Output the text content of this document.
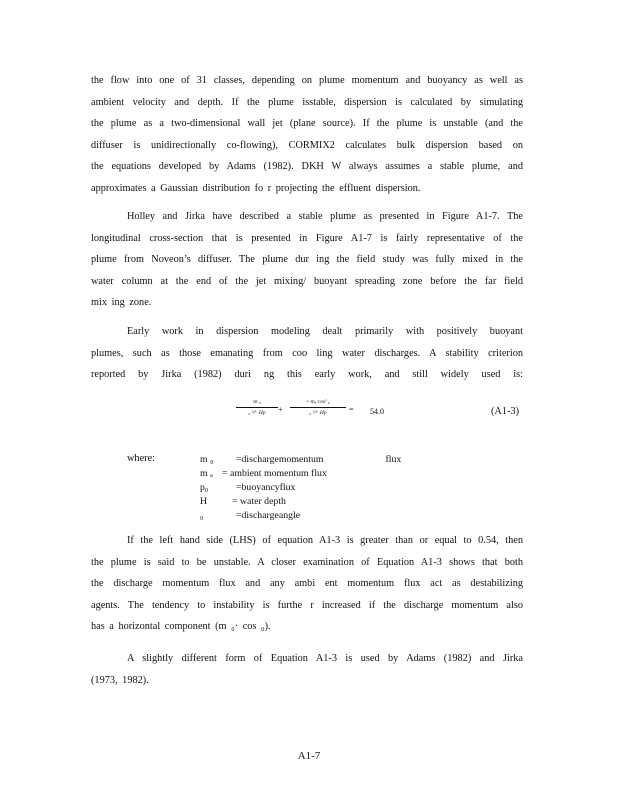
the flow into one of 31 classes, depending on plume momentum and buoyancy as well as
ambient velocity and depth. If the plume isstable, dispersion is calculated by simulating
the plume as a two-dimensional wall jet (plane source). If the plume is unstable (and the
diffuser is unidirectionally co-flowing), CORMIX2 calculates bulk dispersion based on
the equations developed by Adams (1982). DKH W always assumes a stable plume, and
approximates a Gaussian distribution fo r projecting the effluent dispersion.
Holley and Jirka have described a stable plume as presented in Figure A1-7. The
longitudinal cross-section that is presented in Figure A1-7 is fairly representative of the
plume from Noveon’s diffuser. The plume dur ing the field study was fully mixed in the
water column at the end of the jet mixing/ buoyant spreading zone before the far field
mix ing zone.
Early work in dispersion modeling dealt primarily with positively buoyant
plumes, such as those emanating from coo ling water discharges. A stability criterion
reported by Jirka (1982) duri ng this early work, and still widely used is:
m ₀
₀ ⁵⁄³· Hp	+
+ mₐ cos² ₀
₀ ⁵⁄³· Hp	= 54.0	(A1-3)
where:	m ₀ =dischargemomentum	flux
m ₐ = ambient momentum flux
p₀	=buoyancyflux
H	= water depth
₀	=dischargeangle
If the left hand side (LHS) of equation A1-3 is greater than or equal to 0.54, then
the plume is said to be unstable. A closer examination of Equation A1-3 shows that both
the discharge momentum flux and any ambi ent momentum flux act as destabilizing
agents. The tendency to instability is furthe r increased if the discharge momentum also
has a horizontal component (m ₀· cos ₀).
A slightly different form of Equation A1-3 is used by Adams (1982) and Jirka
(1973, 1982).
A1-7
